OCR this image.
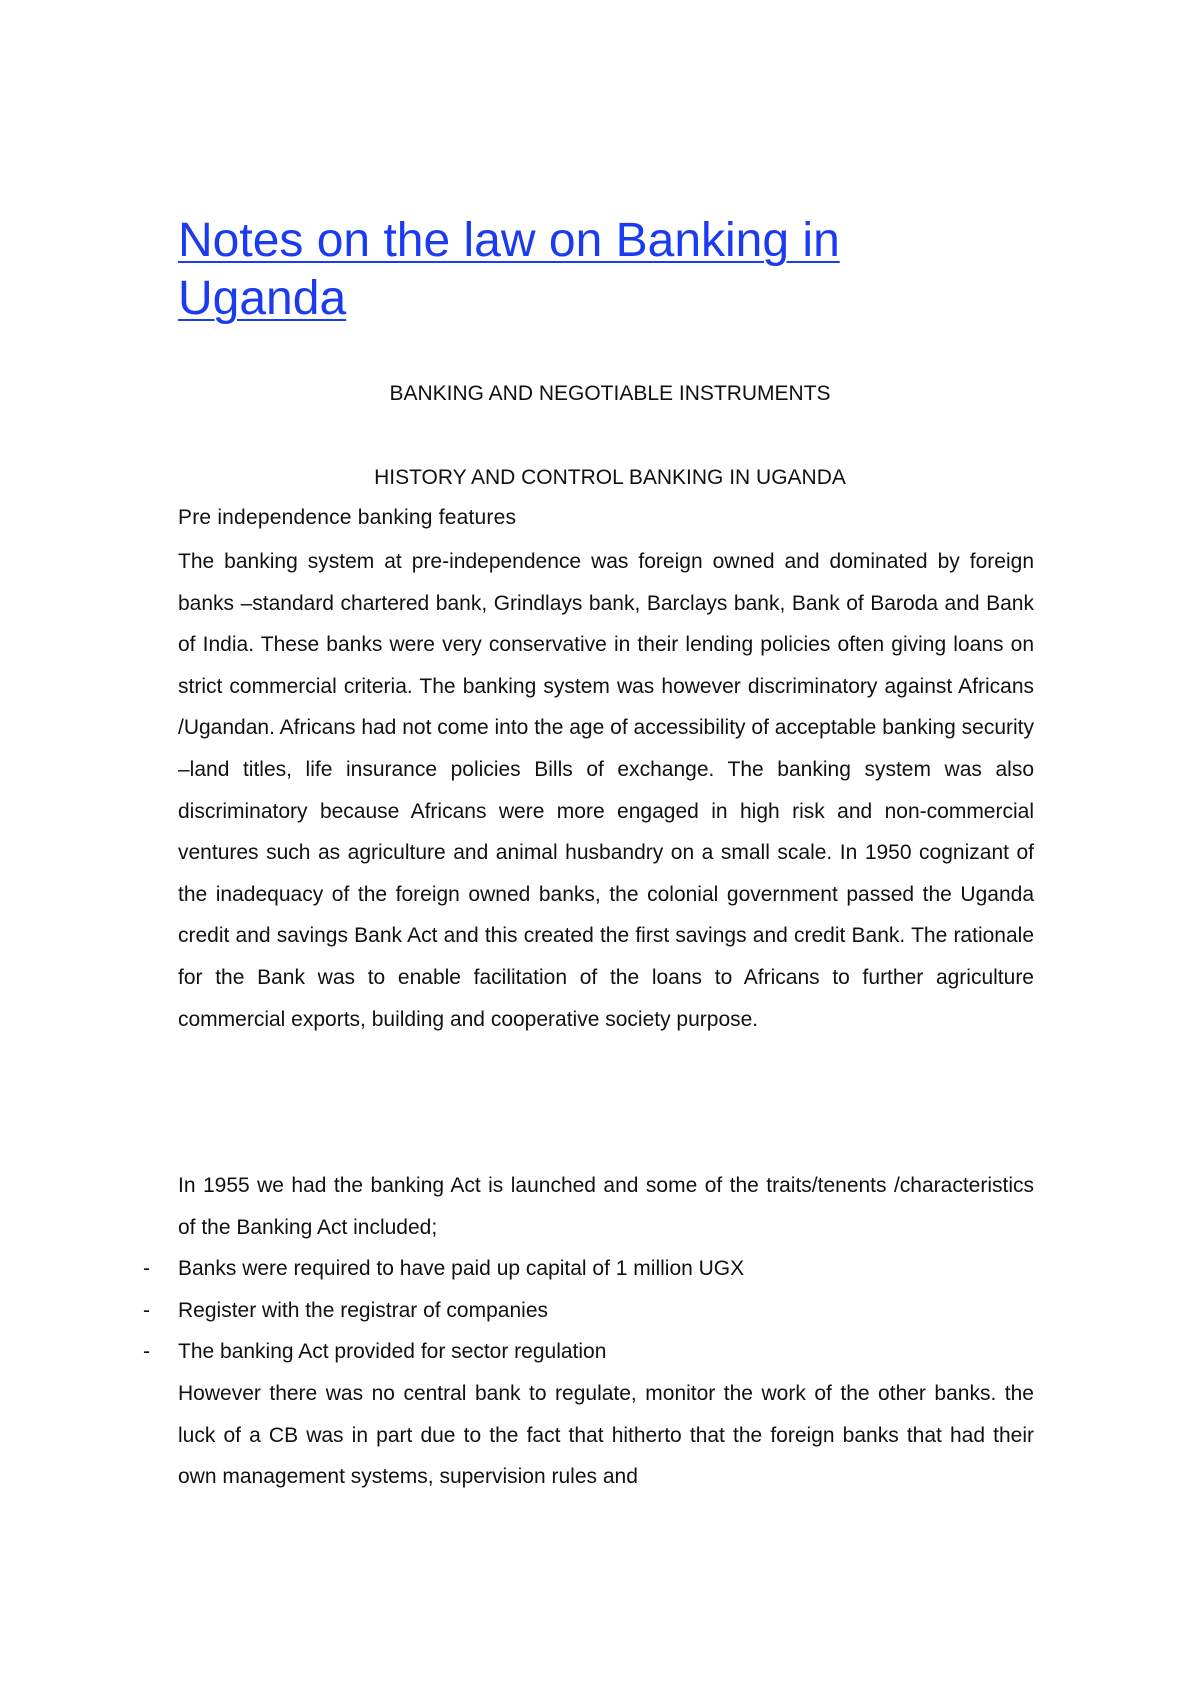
Notes on the law on Banking in Uganda

BANKING AND NEGOTIABLE INSTRUMENTS

HISTORY AND CONTROL BANKING IN UGANDA

Pre independence banking features

The banking system at pre-independence was foreign owned and dominated by foreign banks –standard chartered bank, Grindlays bank, Barclays bank, Bank of Baroda and Bank of India. These banks were very conservative in their lending policies often giving loans on strict commercial criteria. The banking system was however discriminatory against Africans /Ugandan. Africans had not come into the age of accessibility of acceptable banking security –land titles, life insurance policies Bills of exchange. The banking system was also discriminatory because Africans were more engaged in high risk and non-commercial ventures such as agriculture and animal husbandry on a small scale. In 1950 cognizant of the inadequacy of the foreign owned banks, the colonial government passed the Uganda credit and savings Bank Act and this created the first savings and credit Bank. The rationale for the Bank was to enable facilitation of the loans to Africans to further agriculture commercial exports, building and cooperative society purpose.

In 1955 we had the banking Act is launched and some of the traits/tenents /characteristics of the Banking Act included;

- Banks were required to have paid up capital of 1 million UGX
- Register with the registrar of companies
- The banking Act provided for sector regulation

However there was no central bank to regulate, monitor the work of the other banks. the luck of a CB was in part due to the fact that hitherto that the foreign banks that had their own management systems, supervision rules and
